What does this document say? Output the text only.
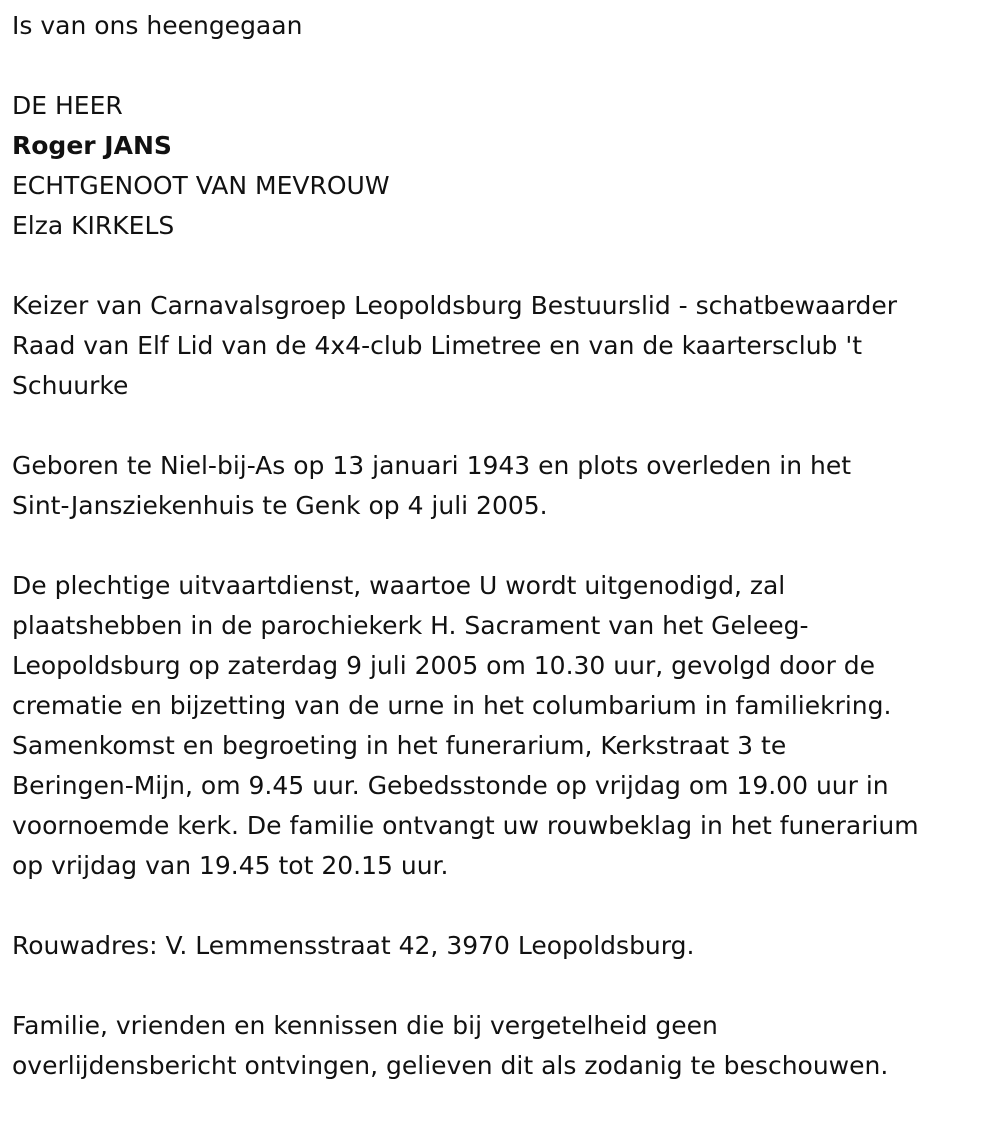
Is van ons heengegaan

DE HEER

Roger JANS

ECHTGENOOT VAN MEVROUW

Elza KIRKELS

Keizer van Carnavalsgroep Leopoldsburg Bestuurslid - schatbewaarder

Raad van Elf Lid van de 4x4-club Limetree en van de kaartersclub 't

Schuurke

Geboren te Niel-bij-As op 13 januari 1943 en plots overleden in het

Sint-Jansziekenhuis te Genk op 4 juli 2005.

De plechtige uitvaartdienst, waartoe U wordt uitgenodigd, zal

plaatshebben in de parochiekerk H. Sacrament van het Geleeg-

Leopoldsburg op zaterdag 9 juli 2005 om 10.30 uur, gevolgd door de

crematie en bijzetting van de urne in het columbarium in familiekring.

Samenkomst en begroeting in het funerarium, Kerkstraat 3 te

Beringen-Mijn, om 9.45 uur. Gebedsstonde op vrijdag om 19.00 uur in

voornoemde kerk. De familie ontvangt uw rouwbeklag in het funerarium

op vrijdag van 19.45 tot 20.15 uur.

Rouwadres: V. Lemmensstraat 42, 3970 Leopoldsburg.

Familie, vrienden en kennissen die bij vergetelheid geen

overlijdensbericht ontvingen, gelieven dit als zodanig te beschouwen.
